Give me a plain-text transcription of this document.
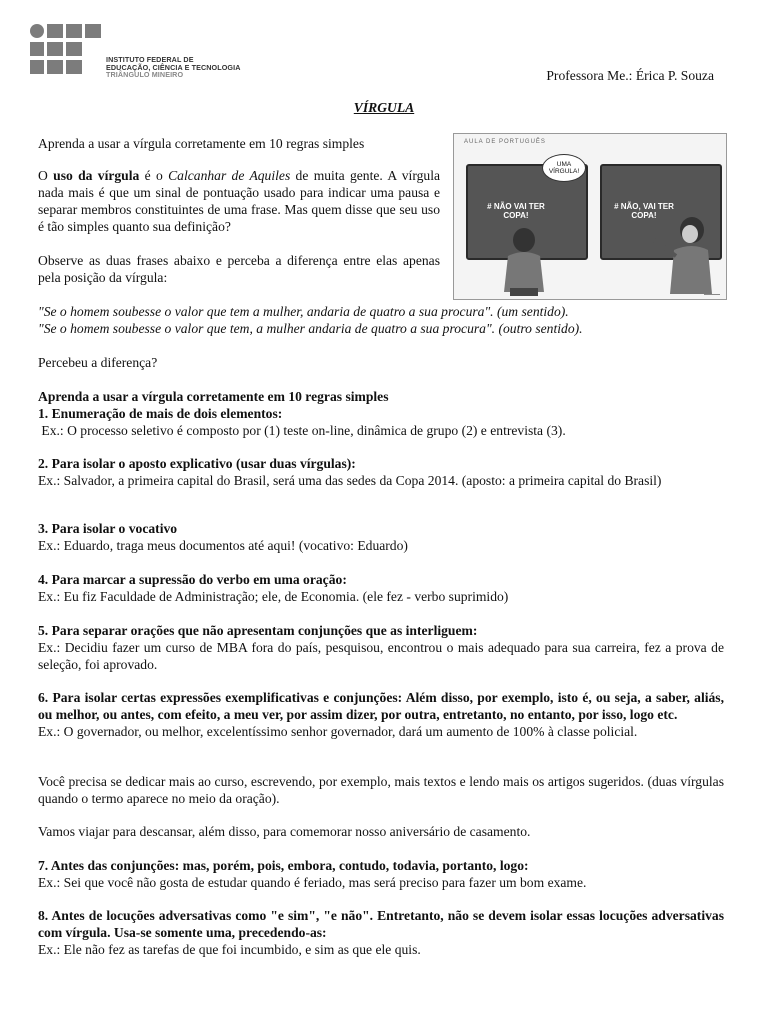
INSTITUTO FEDERAL DE
EDUCAÇÃO, CIÊNCIA E TECNOLOGIA
TRIÂNGULO MINEIRO	Professora Me.: Érica P. Souza
VÍRGULA
Aprenda a usar a vírgula corretamente em 10 regras simples

O uso da vírgula é o Calcanhar de Aquiles de muita gente. A vírgula nada mais é que um sinal de pontuação usado para indicar uma pausa e separar membros constituintes de uma frase. Mas quem disse que seu uso é tão simples quanto sua definição?

Observe as duas frases abaixo e perceba a diferença entre elas apenas pela posição da vírgula:

AULA DE PORTUGUÊS
# NÃO VAI TER COPA!
UMA VÍRGULA!
# NÃO, VAI TER COPA!

"Se o homem soubesse o valor que tem a mulher, andaria de quatro a sua procura". (um sentido).

"Se o homem soubesse o valor que tem, a mulher andaria de quatro a sua procura". (outro sentido).

Percebeu a diferença?

Aprenda a usar a vírgula corretamente em 10 regras simples
1. Enumeração de mais de dois elementos:
Ex.: O processo seletivo é composto por (1) teste on-line, dinâmica de grupo (2) e entrevista (3).
2. Para isolar o aposto explicativo (usar duas vírgulas):
Ex.: Salvador, a primeira capital do Brasil, será uma das sedes da Copa 2014. (aposto: a primeira capital do Brasil)
3. Para isolar o vocativo
Ex.: Eduardo, traga meus documentos até aqui! (vocativo: Eduardo)
4. Para marcar a supressão do verbo em uma oração:
Ex.: Eu fiz Faculdade de Administração; ele, de Economia. (ele fez - verbo suprimido)
5. Para separar orações que não apresentam conjunções que as interliguem:
Ex.: Decidiu fazer um curso de MBA fora do país, pesquisou, encontrou o mais adequado para sua carreira, fez a prova de seleção, foi aprovado.
6. Para isolar certas expressões exemplificativas e conjunções: Além disso, por exemplo, isto é, ou seja, a saber, aliás, ou melhor, ou antes, com efeito, a meu ver, por assim dizer, por outra, entretanto, no entanto, por isso, logo etc.
Ex.: O governador, ou melhor, excelentíssimo senhor governador, dará um aumento de 100% à classe policial.

Você precisa se dedicar mais ao curso, escrevendo, por exemplo, mais textos e lendo mais os artigos sugeridos. (duas vírgulas quando o termo aparece no meio da oração).

Vamos viajar para descansar, além disso, para comemorar nosso aniversário de casamento.

7. Antes das conjunções: mas, porém, pois, embora, contudo, todavia, portanto, logo:
Ex.: Sei que você não gosta de estudar quando é feriado, mas será preciso para fazer um bom exame.
8. Antes de locuções adversativas como "e sim", "e não". Entretanto, não se devem isolar essas locuções adversativas com vírgula. Usa-se somente uma, precedendo-as:
Ex.: Ele não fez as tarefas de que foi incumbido, e sim as que ele quis.
